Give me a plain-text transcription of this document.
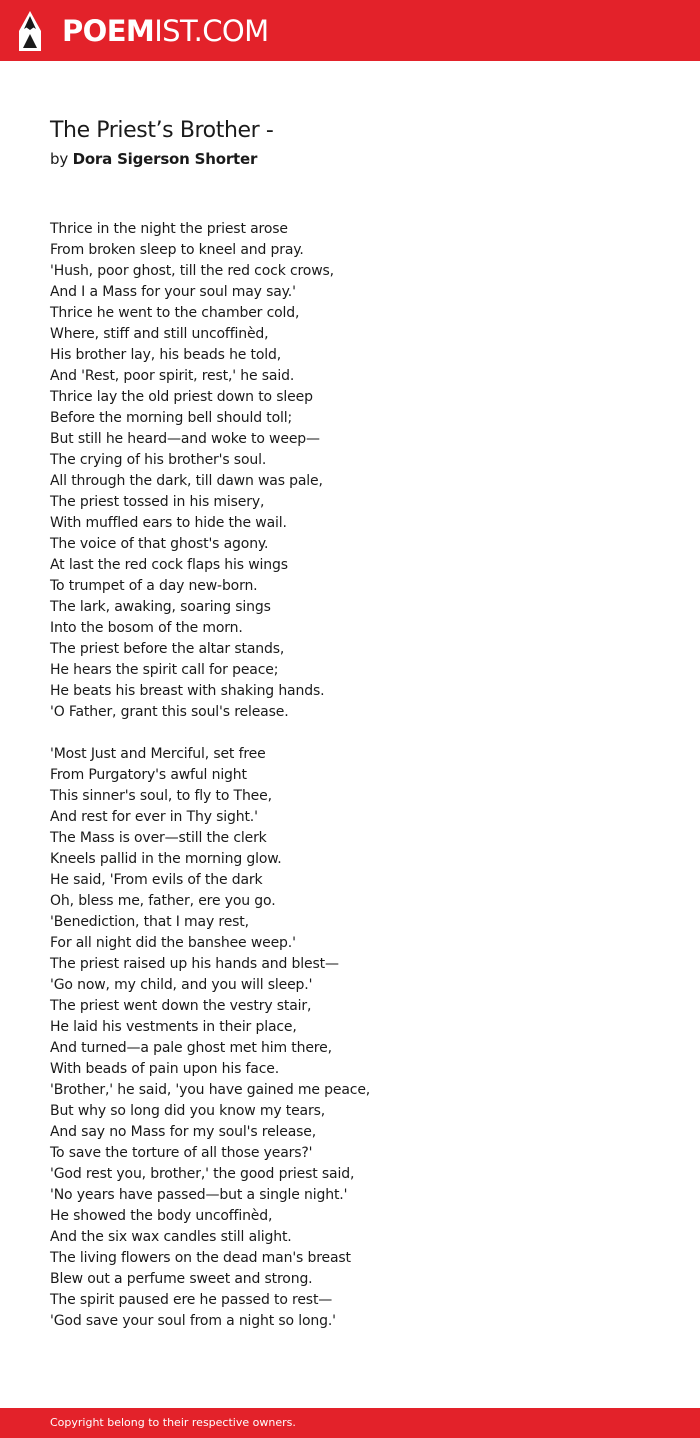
POEMIST.COM
The Priest’s Brother -
by Dora Sigerson Shorter
Thrice in the night the priest arose
From broken sleep to kneel and pray.
'Hush, poor ghost, till the red cock crows,
And I a Mass for your soul may say.'
Thrice he went to the chamber cold,
Where, stiff and still uncoffinèd,
His brother lay, his beads he told,
And 'Rest, poor spirit, rest,' he said.
Thrice lay the old priest down to sleep
Before the morning bell should toll;
But still he heard—and woke to weep—
The crying of his brother's soul.
All through the dark, till dawn was pale,
The priest tossed in his misery,
With muffled ears to hide the wail.
The voice of that ghost's agony.
At last the red cock flaps his wings
To trumpet of a day new-born.
The lark, awaking, soaring sings
Into the bosom of the morn.
The priest before the altar stands,
He hears the spirit call for peace;
He beats his breast with shaking hands.
'O Father, grant this soul's release.
'Most Just and Merciful, set free
From Purgatory's awful night
This sinner's soul, to fly to Thee,
And rest for ever in Thy sight.'
The Mass is over—still the clerk
Kneels pallid in the morning glow.
He said, 'From evils of the dark
Oh, bless me, father, ere you go.
'Benediction, that I may rest,
For all night did the banshee weep.'
The priest raised up his hands and blest—
'Go now, my child, and you will sleep.'
The priest went down the vestry stair,
He laid his vestments in their place,
And turned—a pale ghost met him there,
With beads of pain upon his face.
'Brother,' he said, 'you have gained me peace,
But why so long did you know my tears,
And say no Mass for my soul's release,
To save the torture of all those years?'
'God rest you, brother,' the good priest said,
'No years have passed—but a single night.'
He showed the body uncoffinèd,
And the six wax candles still alight.
The living flowers on the dead man's breast
Blew out a perfume sweet and strong.
The spirit paused ere he passed to rest—
'God save your soul from a night so long.'
Copyright belong to their respective owners.
